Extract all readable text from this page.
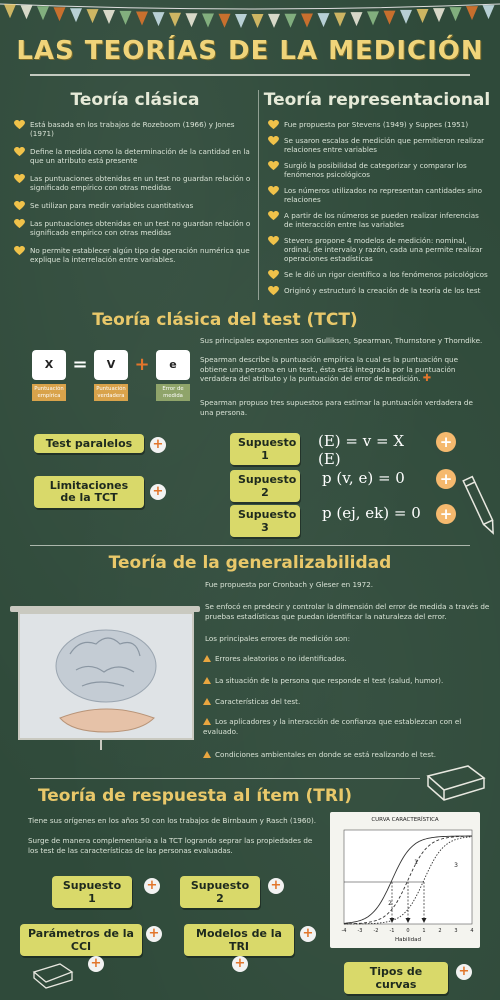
LAS TEORÍAS DE LA MEDICIÓN
Teoría clásica	Teoría representacional
Está basada en los trabajos de Rozeboom (1966) y Jones (1971)
Define la medida como la determinación de la cantidad en la que un atributo está presente
Las puntuaciones obtenidas en un test no guardan relación o significado empírico con otras medidas
Se utilizan para medir variables cuantitativas
Las puntuaciones obtenidas en un test no guardan relación o significado empírico con otras medidas
No permite establecer algún tipo de operación numérica que explique la interrelación entre variables.
Fue propuesta por Stevens (1949) y Suppes (1951)
Se usaron escalas de medición que permitieron realizar relaciones entre variables
Surgió la posibilidad de categorizar y comparar los fenómenos psicológicos
Los números utilizados no representan cantidades sino relaciones
A partir de los números se pueden realizar inferencias de interacción entre las variables
Stevens propone 4 modelos de medición: nominal, ordinal, de intervalo y razón, cada una permite realizar operaciones estadísticas
Se le dió un rigor científico a los fenómenos psicológicos
Originó y estructuró la creación de la teoría de los test
Teoría clásica del test (TCT)
X	=	V	+	e
Puntuación empírica
Puntuación verdadera
Error de medida
Sus principales exponentes son Gulliksen, Spearman, Thurnstone y Thorndike.
Spearman describe la puntuación empírica la cual es la puntuación que obtiene una persona en un test., ésta está integrada por la puntuación verdadera del atributo y la puntuación del error de medición. ✚
Spearman propuso tres supuestos para estimar la puntuación verdadera de una persona.
Test paralelos	+
Limitaciones de la TCT	+
Supuesto 1
(E) = v = X (E)
+
Supuesto 2
p (v, e) = 0	+
Supuesto 3
p (ej, ek) = 0	+
Teoría de la generalizabilidad
Fue propuesta por Cronbach y Gleser en 1972.
Se enfocó en predecir y controlar la dimensión del error de medida a través de pruebas estadísticas que puedan identificar la naturaleza del error.
Los principales errores de medición son:
Errores aleatorios o no identificados.
La situación de la persona que responde el test (salud, humor).
Características del test.
Los aplicadores y la interacción de confianza que establezcan con el evaluado.
Condiciones ambientales en donde se está realizando el test.
Teoría de respuesta al ítem (TRI)
Tiene sus orígenes en los años 50 con los trabajos de Birnbaum y Rasch (1960).
Surge de manera complementaria a la TCT logrando seprar las propiedades de los test de las características de las personas evaluadas.
Supuesto 1
+	Supuesto 2
+
Parámetros de la CCI
+	Modelos de la TRI
+
+	+
Tipos de curvas
+
CURVA CARACTERÍSTICA
-4 -3 -2 -1 0	1	2	3	4
Habilidad
1
2
3
